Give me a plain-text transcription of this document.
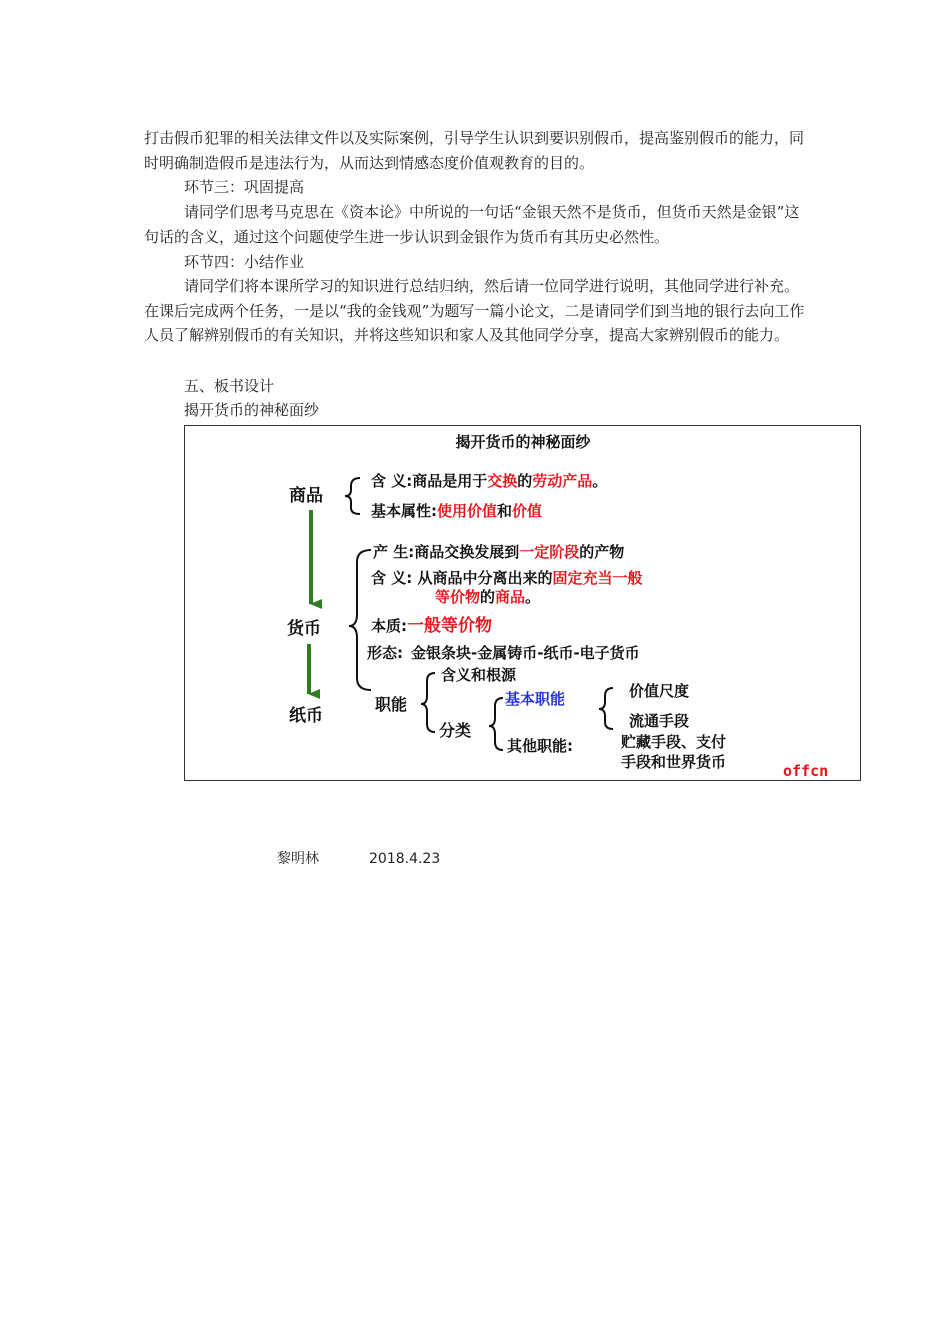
打击假币犯罪的相关法律文件以及实际案例，引导学生认识到要识别假币，提高鉴别假币的能力，同时明确制造假币是违法行为，从而达到情感态度价值观教育的目的。

环节三：巩固提高

请同学们思考马克思在《资本论》中所说的一句话“金银天然不是货币，但货币天然是金银”这句话的含义，通过这个问题使学生进一步认识到金银作为货币有其历史必然性。

环节四：小结作业

请同学们将本课所学习的知识进行总结归纳，然后请一位同学进行说明，其他同学进行补充。在课后完成两个任务，一是以“我的金钱观”为题写一篇小论文，二是请同学们到当地的银行去向工作人员了解辨别假币的有关知识，并将这些知识和家人及其他同学分享，提高大家辨别假币的能力。

五、板书设计

揭开货币的神秘面纱

揭开货币的神秘面纱
商品
货币
纸币
含 义:商品是用于交换的劳动产品。
基本属性:使用价值和价值
产 生:商品交换发展到一定阶段的产物
含 义: 从商品中分离出来的固定充当一般
等价物的商品。
本质:一般等价物
形态: 金银条块-金属铸币-纸币-电子货币
职能
含义和根源
分类
基本职能
其他职能:
价值尺度
流通手段
贮藏手段、支付
手段和世界货币	offcn
黎明林	2018.4.23
